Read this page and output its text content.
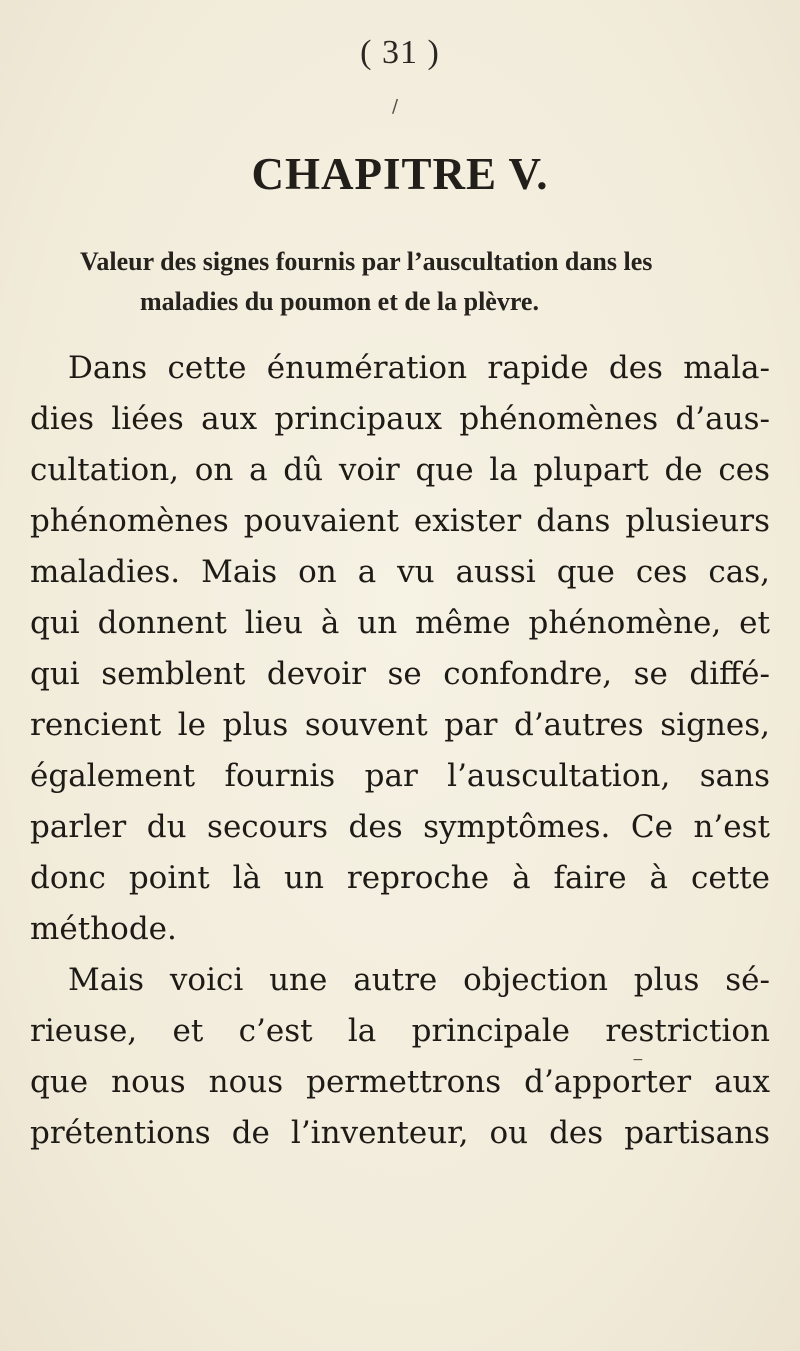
( 31 )
CHAPITRE V.
Valeur des signes fournis par l’auscultation dans les
maladies du poumon et de la plèvre.
Dans cette énumération rapide des mala-
dies liées aux principaux phénomènes d’aus-
cultation, on a dû voir que la plupart de ces
phénomènes pouvaient exister dans plusieurs
maladies. Mais on a vu aussi que ces cas,
qui donnent lieu à un même phénomène, et
qui semblent devoir se confondre, se diffé-
rencient le plus souvent par d’autres signes,
également fournis par l’auscultation, sans
parler du secours des symptômes. Ce n’est
donc point là un reproche à faire à cette
méthode.
Mais voici une autre objection plus sé-
rieuse, et c’est la principale restriction
que nous nous permettrons d’apporter aux
prétentions de l’inventeur, ou des partisans
/
−
